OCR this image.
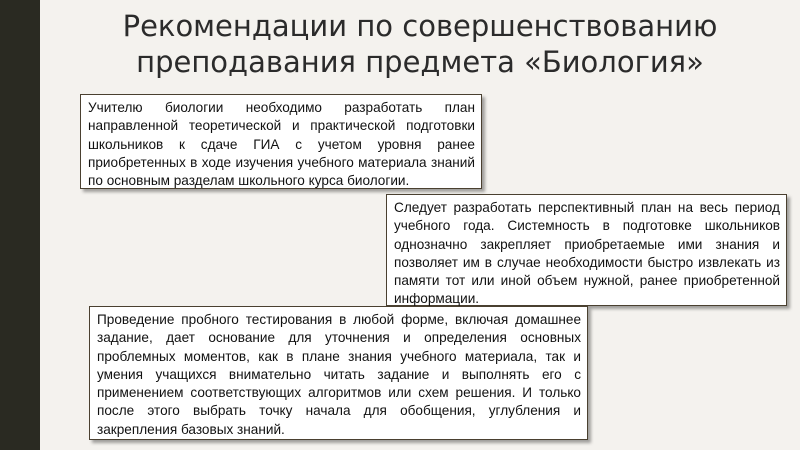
Рекомендации по совершенствованию преподавания предмета «Биология»
Учителю биологии необходимо разработать план направленной теоретической и практической подготовки школьников к сдаче ГИА с учетом уровня ранее приобретенных в ходе изучения учебного материала знаний по основным разделам школьного курса биологии.
Следует разработать перспективный план на весь период учебного года. Системность в подготовке школьников однозначно закрепляет приобретаемые ими знания и позволяет им в случае необходимости быстро извлекать из памяти тот или иной объем нужной, ранее приобретенной информации.
Проведение пробного тестирования в любой форме, включая домашнее задание, дает основание для уточнения и определения основных проблемных моментов, как в плане знания учебного материала, так и умения учащихся внимательно читать задание и выполнять его с применением соответствующих алгоритмов или схем решения. И только после этого выбрать точку начала для обобщения, углубления и закрепления базовых знаний.
